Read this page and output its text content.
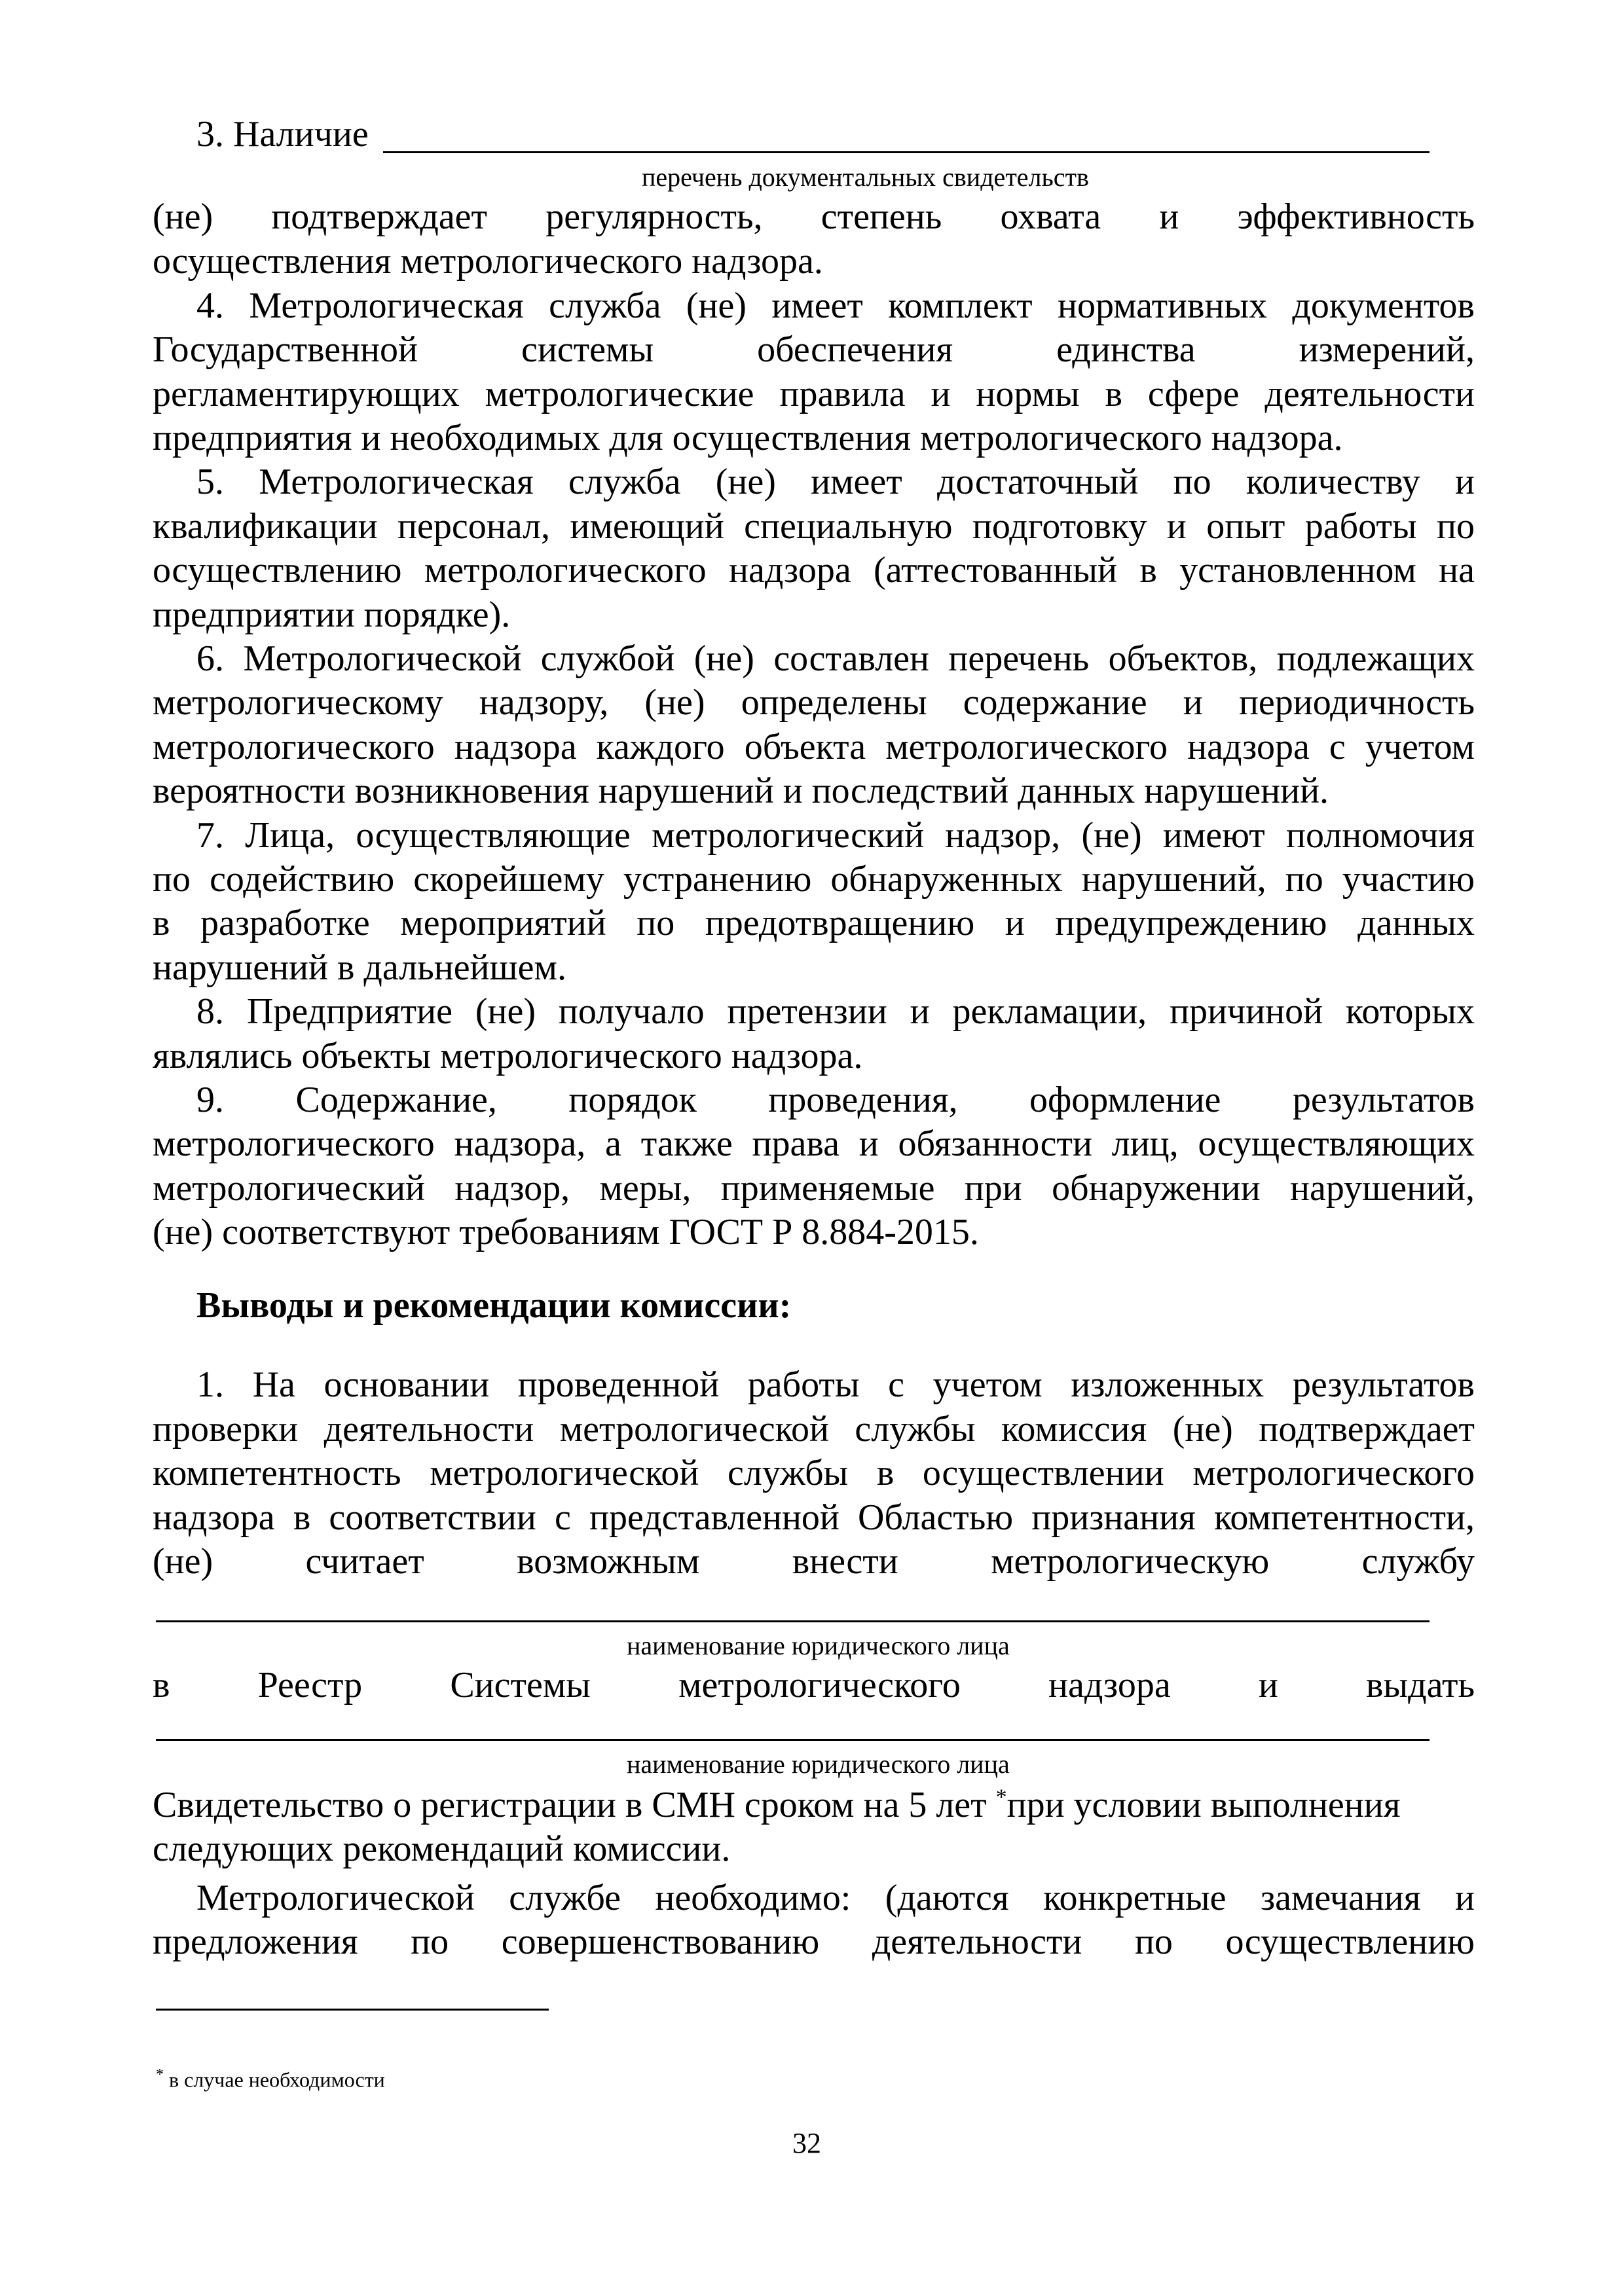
3. Наличие
перечень документальных свидетельств
(не) подтверждает регулярность, степень охвата и эффективность
осуществления метрологического надзора.
4. Метрологическая служба (не) имеет комплект нормативных документов
Государственной системы обеспечения единства измерений,
регламентирующих метрологические правила и нормы в сфере деятельности
предприятия и необходимых для осуществления метрологического надзора.
5. Метрологическая служба (не) имеет достаточный по количеству и
квалификации персонал, имеющий специальную подготовку и опыт работы по
осуществлению метрологического надзора (аттестованный в установленном на
предприятии порядке).
6. Метрологической службой (не) составлен перечень объектов, подлежащих
метрологическому надзору, (не) определены содержание и периодичность
метрологического надзора каждого объекта метрологического надзора с учетом
вероятности возникновения нарушений и последствий данных нарушений.
7. Лица, осуществляющие метрологический надзор, (не) имеют полномочия
по содействию скорейшему устранению обнаруженных нарушений, по участию
в разработке мероприятий по предотвращению и предупреждению данных
нарушений в дальнейшем.
8. Предприятие (не) получало претензии и рекламации, причиной которых
являлись объекты метрологического надзора.
9. Содержание, порядок проведения, оформление результатов
метрологического надзора, а также права и обязанности лиц, осуществляющих
метрологический надзор, меры, применяемые при обнаружении нарушений,
(не) соответствуют требованиям ГОСТ Р 8.884-2015.
Выводы и рекомендации комиссии:
1. На основании проведенной работы с учетом изложенных результатов
проверки деятельности метрологической службы комиссия (не) подтверждает
компетентность метрологической службы в осуществлении метрологического
надзора в соответствии с представленной Областью признания компетентности,
(не) считает возможным внести метрологическую службу
наименование юридического лица
в Реестр Системы метрологического надзора и выдать
наименование юридического лица
Свидетельство о регистрации в СМН сроком на 5 лет *при условии выполнения
следующих рекомендаций комиссии.
Метрологической службе необходимо: (даются конкретные замечания и
предложения по совершенствованию деятельности по осуществлению
* в случае необходимости
32
